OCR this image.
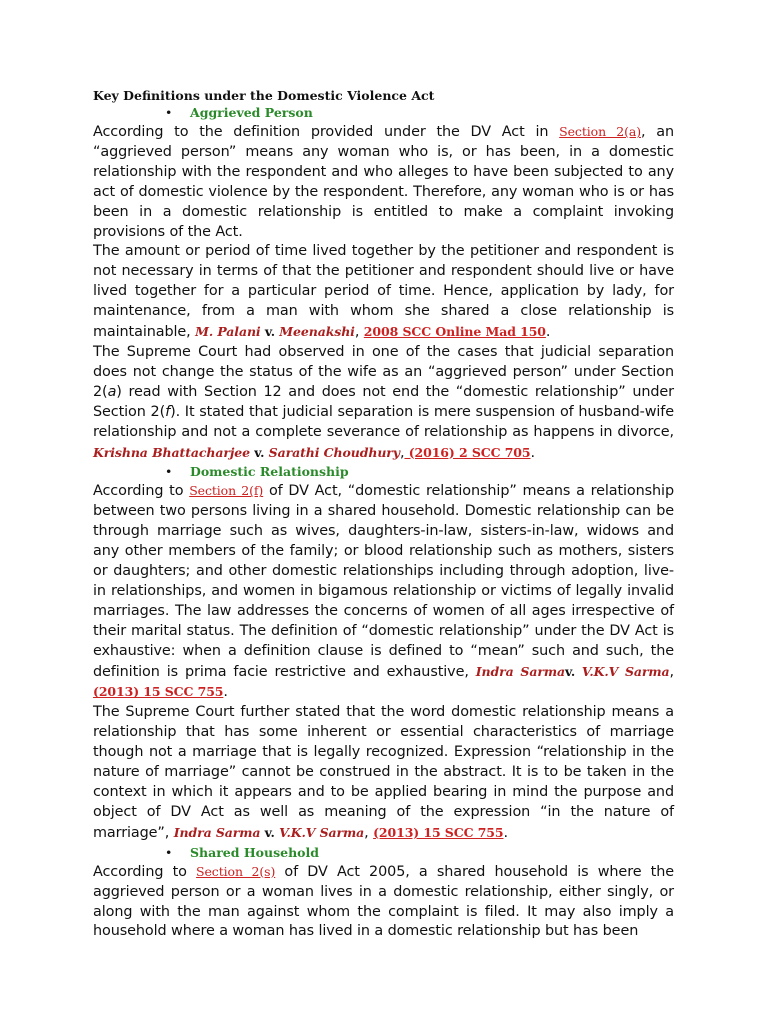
Key Definitions under the Domestic Violence Act
• Aggrieved Person

According to the definition provided under the DV Act in Section 2(a), an “aggrieved person” means any woman who is, or has been, in a domestic relationship with the respondent and who alleges to have been subjected to any act of domestic violence by the respondent. Therefore, any woman who is or has been in a domestic relationship is entitled to make a complaint invoking provisions of the Act.

The amount or period of time lived together by the petitioner and respondent is not necessary in terms of that the petitioner and respondent should live or have lived together for a particular period of time. Hence, application by lady, for maintenance, from a man with whom she shared a close relationship is maintainable, M. Palani v. Meenakshi, 2008 SCC Online Mad 150.

The Supreme Court had observed in one of the cases that judicial separation does not change the status of the wife as an “aggrieved person” under Section 2(a) read with Section 12 and does not end the “domestic relationship” under Section 2(f). It stated that judicial separation is mere suspension of husband-wife relationship and not a complete severance of relationship as happens in divorce, Krishna Bhattacharjee v. Sarathi Choudhury, (2016) 2 SCC 705.

• Domestic Relationship

According to Section 2(f) of DV Act, “domestic relationship” means a relationship between two persons living in a shared household. Domestic relationship can be through marriage such as wives, daughters-in-law, sisters-in-law, widows and any other members of the family; or blood relationship such as mothers, sisters or daughters; and other domestic relationships including through adoption, live-in relationships, and women in bigamous relationship or victims of legally invalid marriages. The law addresses the concerns of women of all ages irrespective of their marital status. The definition of “domestic relationship” under the DV Act is exhaustive: when a definition clause is defined to “mean” such and such, the definition is prima facie restrictive and exhaustive, Indra Sarmav. V.K.V Sarma, (2013) 15 SCC 755.

The Supreme Court further stated that the word domestic relationship means a relationship that has some inherent or essential characteristics of marriage though not a marriage that is legally recognized. Expression “relationship in the nature of marriage” cannot be construed in the abstract. It is to be taken in the context in which it appears and to be applied bearing in mind the purpose and object of DV Act as well as meaning of the expression “in the nature of marriage”, Indra Sarma v. V.K.V Sarma, (2013) 15 SCC 755.

• Shared Household

According to Section 2(s) of DV Act 2005, a shared household is where the aggrieved person or a woman lives in a domestic relationship, either singly, or along with the man against whom the complaint is filed. It may also imply a household where a woman has lived in a domestic relationship but has been
